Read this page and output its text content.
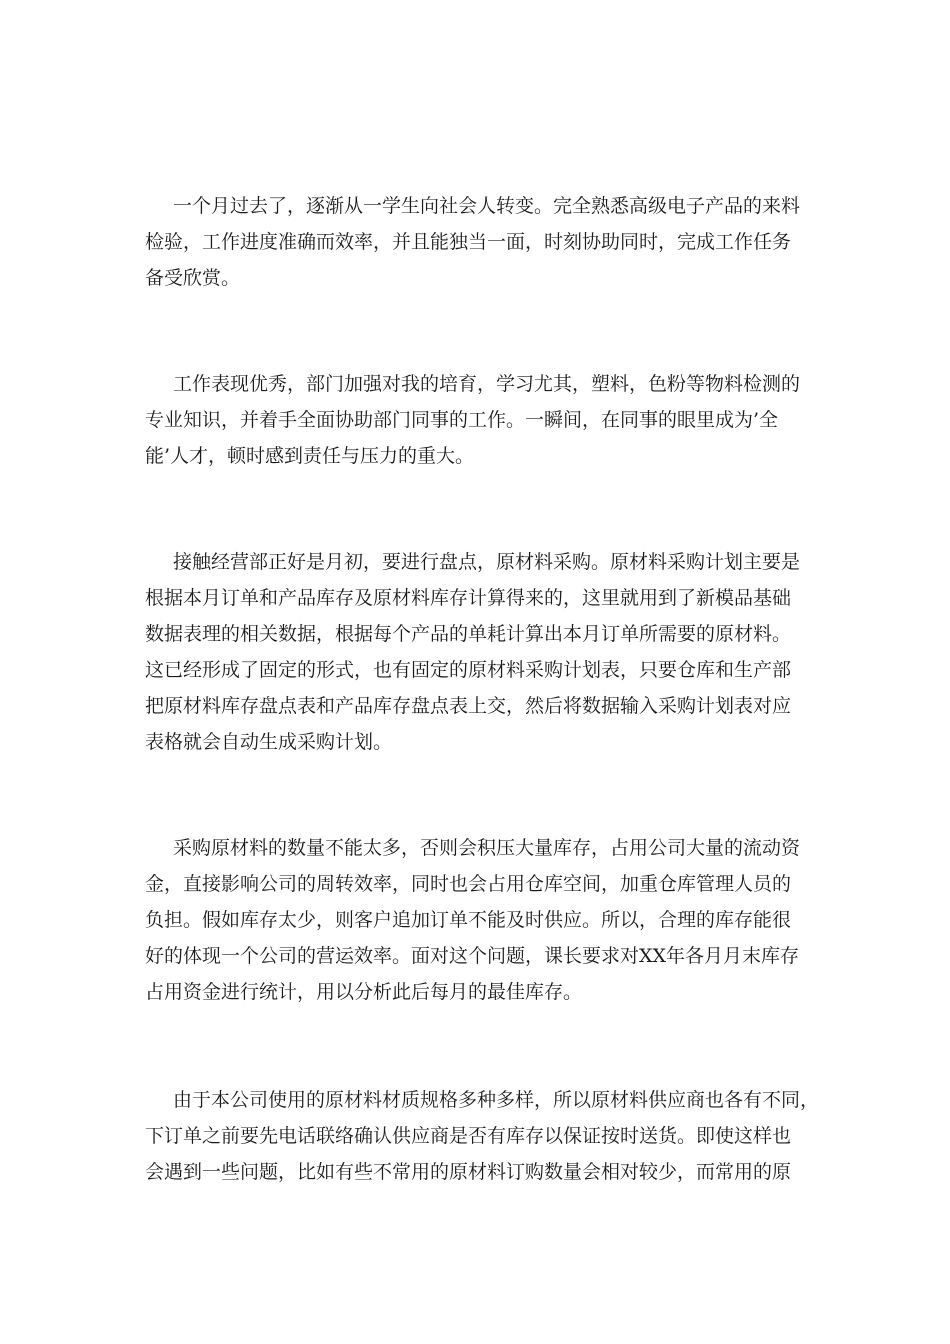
一个月过去了，逐渐从一学生向社会人转变。完全熟悉高级电子产品的来料
检验，工作进度准确而效率，并且能独当一面，时刻协助同时，完成工作任务
备受欣赏。
工作表现优秀，部门加强对我的培育，学习尤其，塑料，色粉等物料检测的
专业知识，并着手全面协助部门同事的工作。一瞬间，在同事的眼里成为’全
能’人才，顿时感到责任与压力的重大。
接触经营部正好是月初，要进行盘点，原材料采购。原材料采购计划主要是
根据本月订单和产品库存及原材料库存计算得来的，这里就用到了新模品基础
数据表理的相关数据，根据每个产品的单耗计算出本月订单所需要的原材料。
这已经形成了固定的形式，也有固定的原材料采购计划表，只要仓库和生产部
把原材料库存盘点表和产品库存盘点表上交，然后将数据输入采购计划表对应
表格就会自动生成采购计划。
采购原材料的数量不能太多，否则会积压大量库存，占用公司大量的流动资
金，直接影响公司的周转效率，同时也会占用仓库空间，加重仓库管理人员的
负担。假如库存太少，则客户追加订单不能及时供应。所以，合理的库存能很
好的体现一个公司的营运效率。面对这个问题，课长要求对XX年各月月末库存
占用资金进行统计，用以分析此后每月的最佳库存。
由于本公司使用的原材料材质规格多种多样，所以原材料供应商也各有不同，
下订单之前要先电话联络确认供应商是否有库存以保证按时送货。即使这样也
会遇到一些问题，比如有些不常用的原材料订购数量会相对较少，而常用的原
